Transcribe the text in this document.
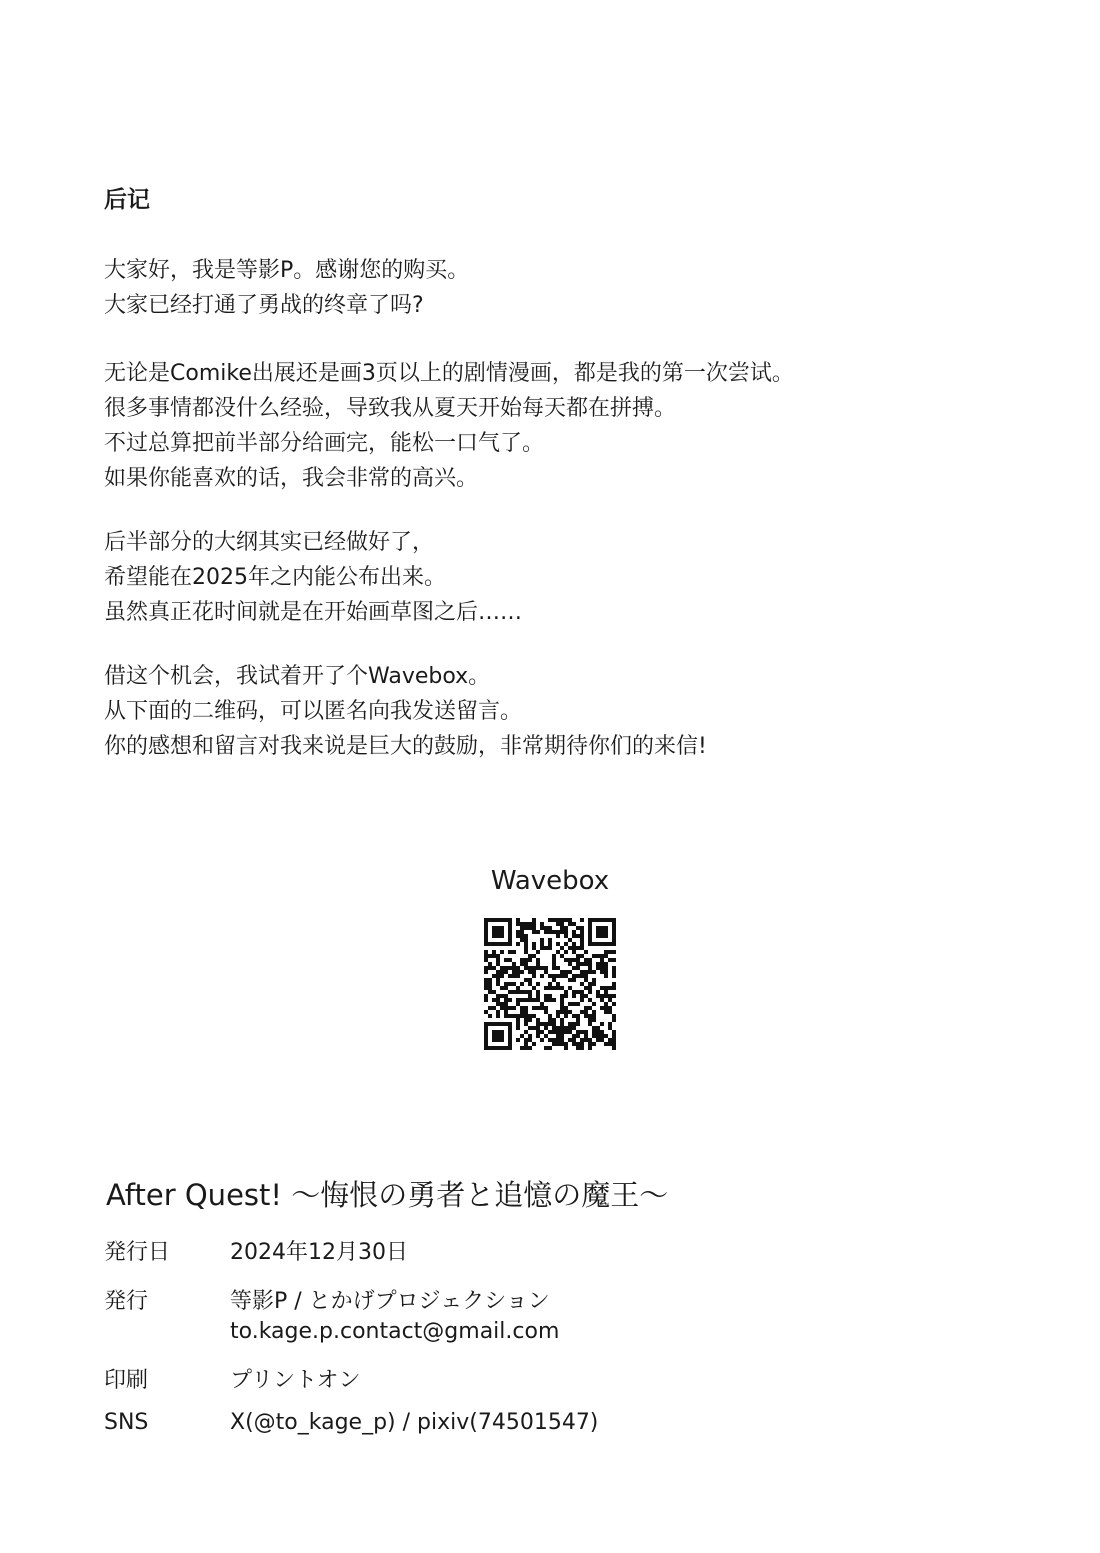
后记
大家好，我是等影P。感谢您的购买。
大家已经打通了勇战的终章了吗?
无论是Comike出展还是画3页以上的剧情漫画，都是我的第一次尝试。
很多事情都没什么经验，导致我从夏天开始每天都在拼搏。
不过总算把前半部分给画完，能松一口气了。
如果你能喜欢的话，我会非常的高兴。
后半部分的大纲其实已经做好了，
希望能在2025年之内能公布出来。
虽然真正花时间就是在开始画草图之后……
借这个机会，我试着开了个Wavebox。
从下面的二维码，可以匿名向我发送留言。
你的感想和留言对我来说是巨大的鼓励，非常期待你们的来信!
Wavebox
After Quest! 〜悔恨の勇者と追憶の魔王〜
発行日	2024年12月30日
発行	等影P / とかげプロジェクション
to.kage.p.contact@gmail.com
印刷	プリントオン
SNS	X(@to_kage_p) / pixiv(74501547)
